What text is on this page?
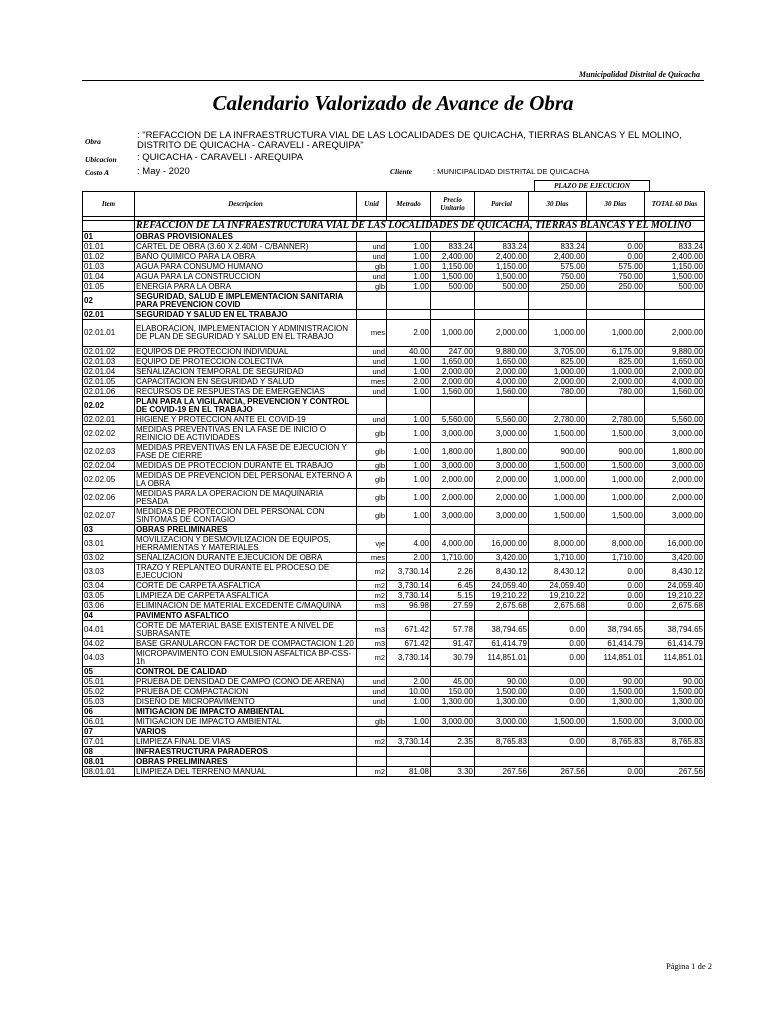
Municipalidad Distrital de Quicacha
Calendario Valorizado de Avance de Obra
Obra
: "REFACCION DE LA INFRAESTRUCTURA VIAL DE LAS LOCALIDADES DE QUICACHA, TIERRAS BLANCAS Y EL MOLINO, DISTRITO DE QUICACHA - CARAVELI - AREQUIPA"
Ubicacion : QUICACHA - CARAVELI - AREQUIPA
Costo A	: May - 2020	Cliente	: MUNICIPALIDAD DISTRITAL DE QUICACHA
PLAZO DE EJECUCION
Item	Descripcion	Unid	Metrado	Precio Unitario	Parcial	30 Dias	30 Dias	TOTAL 60 Dias

	REFACCION DE LA INFRAESTRUCTURA VIAL DE LAS LOCALIDADES DE QUICACHA, TIERRAS BLANCAS Y EL MOLINO							
01	OBRAS PROVISIONALES							
01.01	CARTEL DE OBRA (3.60 X 2.40M - C/BANNER)	und	1.00	833.24	833.24	833.24	0.00	833.24
01.02	BAÑO QUIMICO PARA LA OBRA	und	1.00	2,400.00	2,400.00	2,400.00	0.00	2,400.00
01.03	AGUA PARA CONSUMO HUMANO	glb	1.00	1,150.00	1,150.00	575.00	575.00	1,150.00
01.04	AGUA PARA LA CONSTRUCCION	und	1.00	1,500.00	1,500.00	750.00	750.00	1,500.00
01.05	ENERGIA PARA LA OBRA	glb	1.00	500.00	500.00	250.00	250.00	500.00
02	SEGURIDAD, SALUD E IMPLEMENTACION SANITARIA PARA PREVENCION COVID							
02.01	SEGURIDAD Y SALUD EN EL TRABAJO							
02.01.01	ELABORACION, IMPLEMENTACION Y ADMINISTRACION DE PLAN DE SEGURIDAD Y SALUD EN EL TRABAJO	mes	2.00	1,000.00	2,000.00	1,000.00	1,000.00	2,000.00
02.01.02	EQUIPOS DE PROTECCION INDIVIDUAL	und	40.00	247.00	9,880.00	3,705.00	6,175.00	9,880.00
02.01.03	EQUIPO DE PROTECCION COLECTIVA	und	1.00	1,650.00	1,650.00	825.00	825.00	1,650.00
02.01.04	SEÑALIZACION TEMPORAL DE SEGURIDAD	und	1.00	2,000.00	2,000.00	1,000.00	1,000.00	2,000.00
02.01.05	CAPACITACION EN SEGURIDAD Y SALUD	mes	2.00	2,000.00	4,000.00	2,000.00	2,000.00	4,000.00
02.01.06	RECURSOS DE RESPUESTAS DE EMERGENCIAS	und	1.00	1,560.00	1,560.00	780.00	780.00	1,560.00
02.02	PLAN PARA LA VIGILANCIA, PREVENCION Y CONTROL DE COVID-19 EN EL TRABAJO							
02.02.01	HIGIENE Y PROTECCION ANTE EL COVID-19	und	1.00	5,560.00	5,560.00	2,780.00	2,780.00	5,560.00
02.02.02	MEDIDAS PREVENTIVAS EN LA FASE DE INICIO O REINICIO DE ACTIVIDADES	glb	1.00	3,000.00	3,000.00	1,500.00	1,500.00	3,000.00
02.02.03	MEDIDAS PREVENTIVAS EN LA FASE DE EJECUCION Y FASE DE CIERRE	glb	1.00	1,800.00	1,800.00	900.00	900.00	1,800.00
02.02.04	MEDIDAS DE PROTECCION DURANTE EL TRABAJO	glb	1.00	3,000.00	3,000.00	1,500.00	1,500.00	3,000.00
02.02.05	MEDIDAS DE PREVENCION DEL PERSONAL EXTERNO A LA OBRA	glb	1.00	2,000.00	2,000.00	1,000.00	1,000.00	2,000.00
02.02.06	MEDIDAS PARA LA OPERACION DE MAQUINARIA PESADA	glb	1.00	2,000.00	2,000.00	1,000.00	1,000.00	2,000.00
02.02.07	MEDIDAS DE PROTECCION DEL PERSONAL CON SINTOMAS DE CONTAGIO	glb	1.00	3,000.00	3,000.00	1,500.00	1,500.00	3,000.00
03	OBRAS PRELIMINARES							
03.01	MOVILIZACION Y DESMOVILIZACION DE EQUIPOS, HERRAMIENTAS Y MATERIALES	vje	4.00	4,000.00	16,000.00	8,000.00	8,000.00	16,000.00
03.02	SEÑALIZACION DURANTE EJECUCION DE OBRA	mes	2.00	1,710.00	3,420.00	1,710.00	1,710.00	3,420.00
03.03	TRAZO Y REPLANTEO DURANTE EL PROCESO DE EJECUCION	m2	3,730.14	2.26	8,430.12	8,430.12	0.00	8,430.12
03.04	CORTE DE CARPETA ASFALTICA	m2	3,730.14	6.45	24,059.40	24,059.40	0.00	24,059.40
03.05	LIMPIEZA DE CARPETA ASFALTICA	m2	3,730.14	5.15	19,210.22	19,210.22	0.00	19,210.22
03.06	ELIMINACION DE MATERIAL EXCEDENTE C/MAQUINA	m3	96.98	27.59	2,675.68	2,675.68	0.00	2,675.68
04	PAVIMENTO ASFALTICO							
04.01	CORTE DE MATERIAL BASE EXISTENTE A NIVEL DE SUBRASANTE	m3	671.42	57.78	38,794.65	0.00	38,794.65	38,794.65
04.02	BASE GRANULARCON FACTOR DE COMPACTACION 1.20	m3	671.42	91.47	61,414.79	0.00	61,414.79	61,414.79
04.03	MICROPAVIMENTO CON EMULSION ASFALTICA BP-CSS-1h	m2	3,730.14	30.79	114,851.01	0.00	114,851.01	114,851.01
05	CONTROL DE CALIDAD							
05.01	PRUEBA DE DENSIDAD DE CAMPO (CONO DE ARENA)	und	2.00	45.00	90.00	0.00	90.00	90.00
05.02	PRUEBA DE COMPACTACION	und	10.00	150.00	1,500.00	0.00	1,500.00	1,500.00
05.03	DISEÑO DE MICROPAVIMENTO	und	1.00	1,300.00	1,300.00	0.00	1,300.00	1,300.00
06	MITIGACION DE IMPACTO AMBIENTAL							
06.01	MITIGACION DE IMPACTO AMBIENTAL	glb	1.00	3,000.00	3,000.00	1,500.00	1,500.00	3,000.00
07	VARIOS							
07.01	LIMPIEZA FINAL DE VIAS	m2	3,730.14	2.35	8,765.83	0.00	8,765.83	8,765.83
08	INFRAESTRUCTURA PARADEROS							
08.01	OBRAS PRELIMINARES							
08.01.01	LIMPIEZA DEL TERRENO MANUAL	m2	81.08	3.30	267.56	267.56	0.00	267.56
Página 1 de 2
